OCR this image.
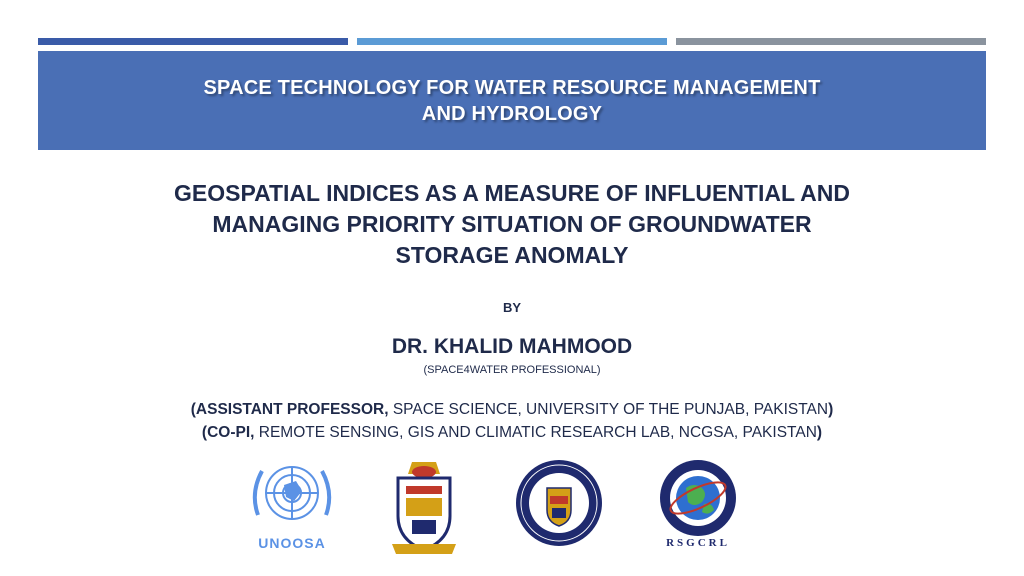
SPACE TECHNOLOGY FOR WATER RESOURCE MANAGEMENT
AND HYDROLOGY
GEOSPATIAL INDICES AS A MEASURE OF INFLUENTIAL AND
MANAGING PRIORITY SITUATION OF GROUNDWATER
STORAGE ANOMALY
BY
DR. KHALID MAHMOOD
(SPACE4WATER PROFESSIONAL)
(ASSISTANT PROFESSOR, SPACE SCIENCE, UNIVERSITY OF THE PUNJAB, PAKISTAN)
(CO-PI, REMOTE SENSING, GIS AND CLIMATIC RESEARCH LAB, NCGSA, PAKISTAN)
UNOOSA	RSGCRL
